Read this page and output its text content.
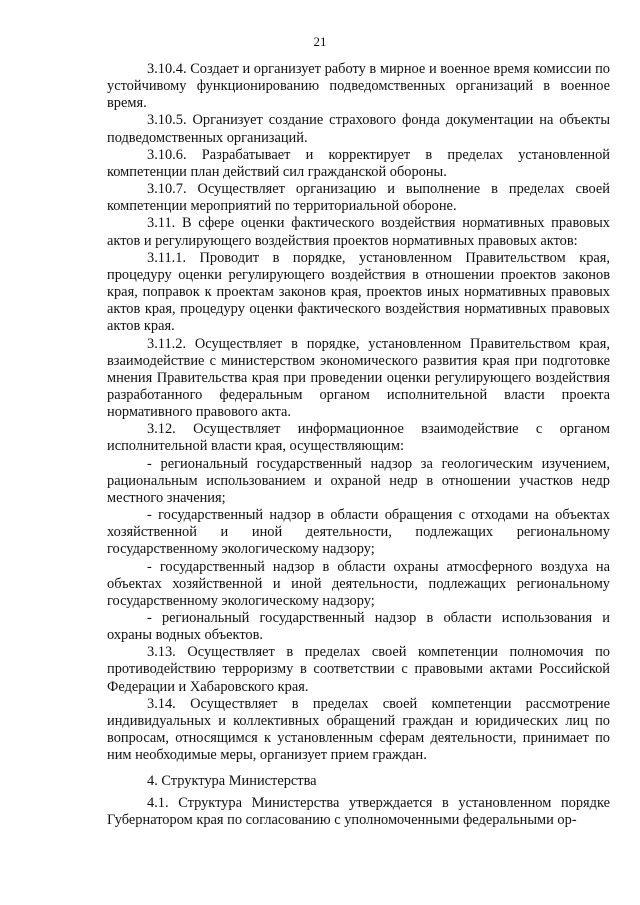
21

3.10.4. Создает и организует работу в мирное и военное время комиссии по устойчивому функционированию подведомственных организаций в военное время.

3.10.5. Организует создание страхового фонда документации на объекты подведомственных организаций.

3.10.6. Разрабатывает и корректирует в пределах установленной компетенции план действий сил гражданской обороны.

3.10.7. Осуществляет организацию и выполнение в пределах своей компетенции мероприятий по территориальной обороне.

3.11. В сфере оценки фактического воздействия нормативных правовых актов и регулирующего воздействия проектов нормативных правовых актов:

3.11.1. Проводит в порядке, установленном Правительством края, процедуру оценки регулирующего воздействия в отношении проектов законов края, поправок к проектам законов края, проектов иных нормативных правовых актов края, процедуру оценки фактического воздействия нормативных правовых актов края.

3.11.2. Осуществляет в порядке, установленном Правительством края, взаимодействие с министерством экономического развития края при подготовке мнения Правительства края при проведении оценки регулирующего воздействия разработанного федеральным органом исполнительной власти проекта нормативного правового акта.

3.12. Осуществляет информационное взаимодействие с органом исполнительной власти края, осуществляющим:

- региональный государственный надзор за геологическим изучением, рациональным использованием и охраной недр в отношении участков недр местного значения;

- государственный надзор в области обращения с отходами на объектах хозяйственной и иной деятельности, подлежащих региональному государственному экологическому надзору;

- государственный надзор в области охраны атмосферного воздуха на объектах хозяйственной и иной деятельности, подлежащих региональному государственному экологическому надзору;

- региональный государственный надзор в области использования и охраны водных объектов.

3.13. Осуществляет в пределах своей компетенции полномочия по противодействию терроризму в соответствии с правовыми актами Российской Федерации и Хабаровского края.

3.14. Осуществляет в пределах своей компетенции рассмотрение индивидуальных и коллективных обращений граждан и юридических лиц по вопросам, относящимся к установленным сферам деятельности, принимает по ним необходимые меры, организует прием граждан.

4. Структура Министерства

4.1. Структура Министерства утверждается в установленном порядке Губернатором края по согласованию с уполномоченными федеральными ор-
